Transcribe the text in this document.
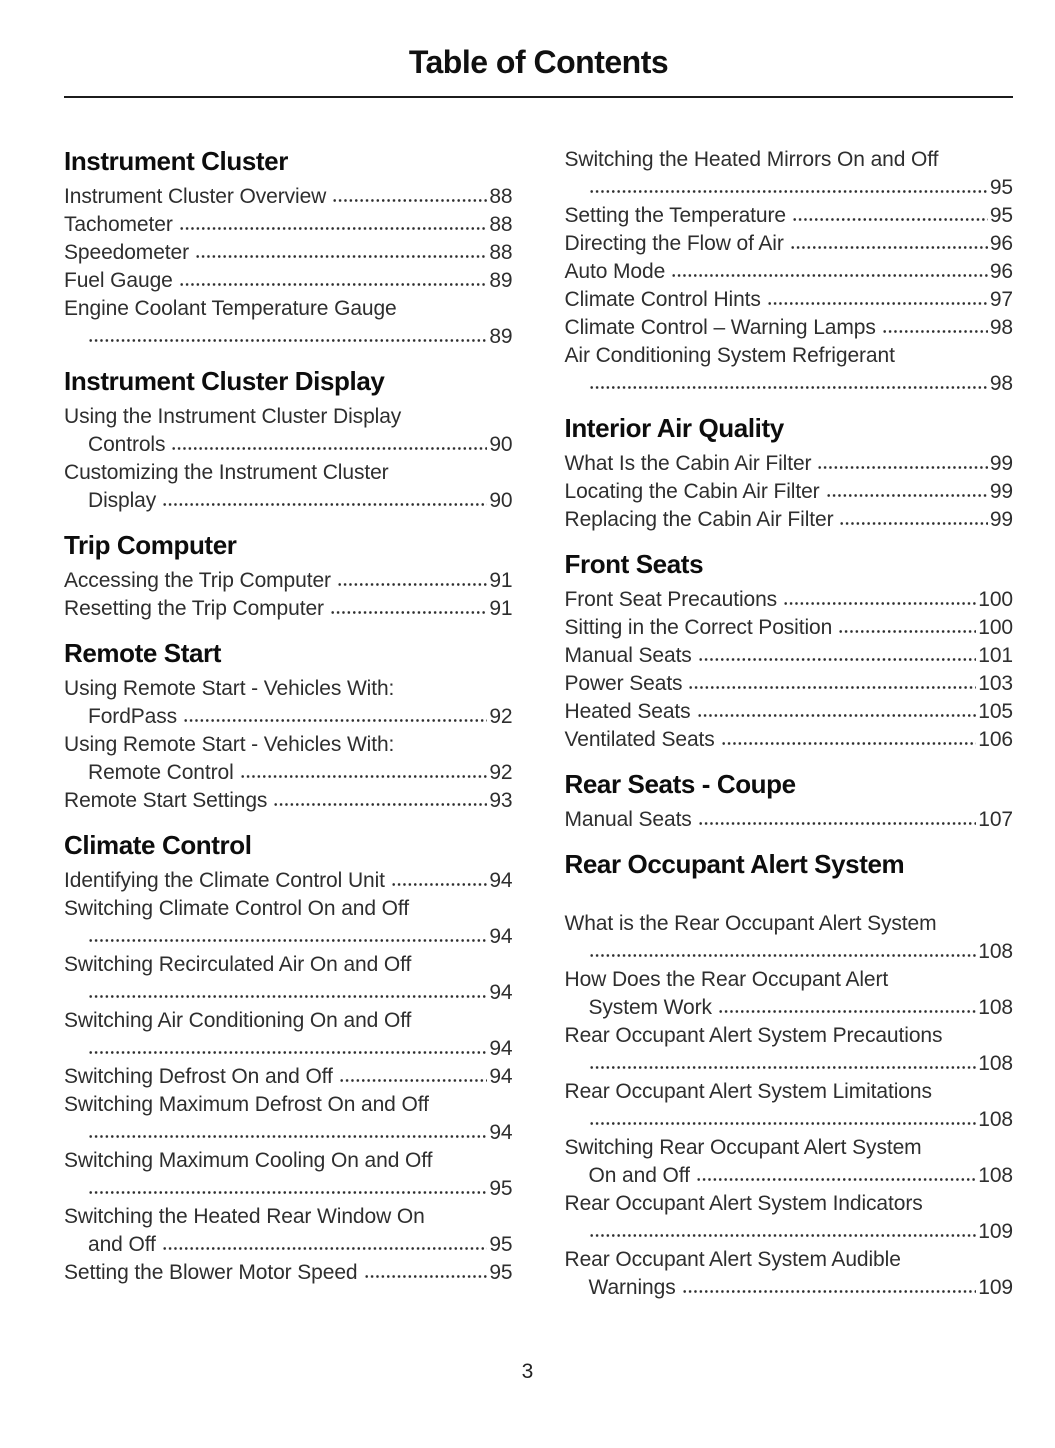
Table of Contents
Instrument Cluster
Instrument Cluster Overview	88
Tachometer	88
Speedometer	88
Fuel Gauge	89
Engine Coolant Temperature Gauge
89
Instrument Cluster Display
Using the Instrument Cluster Display
Controls	90
Customizing the Instrument Cluster
Display	90
Trip Computer
Accessing the Trip Computer	91
Resetting the Trip Computer	91
Remote Start
Using Remote Start - Vehicles With:
FordPass	92
Using Remote Start - Vehicles With:
Remote Control	92
Remote Start Settings	93
Climate Control
Identifying the Climate Control Unit	94
Switching Climate Control On and Off
94
Switching Recirculated Air On and Off
94
Switching Air Conditioning On and Off
94
Switching Defrost On and Off	94
Switching Maximum Defrost On and Off
94
Switching Maximum Cooling On and Off
95
Switching the Heated Rear Window On
and Off	95
Setting the Blower Motor Speed	95
Switching the Heated Mirrors On and Off
95
Setting the Temperature	95
Directing the Flow of Air	96
Auto Mode	96
Climate Control Hints	97
Climate Control – Warning Lamps	98
Air Conditioning System Refrigerant
98
Interior Air Quality
What Is the Cabin Air Filter	99
Locating the Cabin Air Filter	99
Replacing the Cabin Air Filter	99
Front Seats
Front Seat Precautions	100
Sitting in the Correct Position	100
Manual Seats	101
Power Seats	103
Heated Seats	105
Ventilated Seats	106
Rear Seats - Coupe
Manual Seats	107
Rear Occupant Alert System
What is the Rear Occupant Alert System
108
How Does the Rear Occupant Alert
System Work	108
Rear Occupant Alert System Precautions
108
Rear Occupant Alert System Limitations
108
Switching Rear Occupant Alert System
On and Off	108
Rear Occupant Alert System Indicators
109
Rear Occupant Alert System Audible
Warnings	109
3
